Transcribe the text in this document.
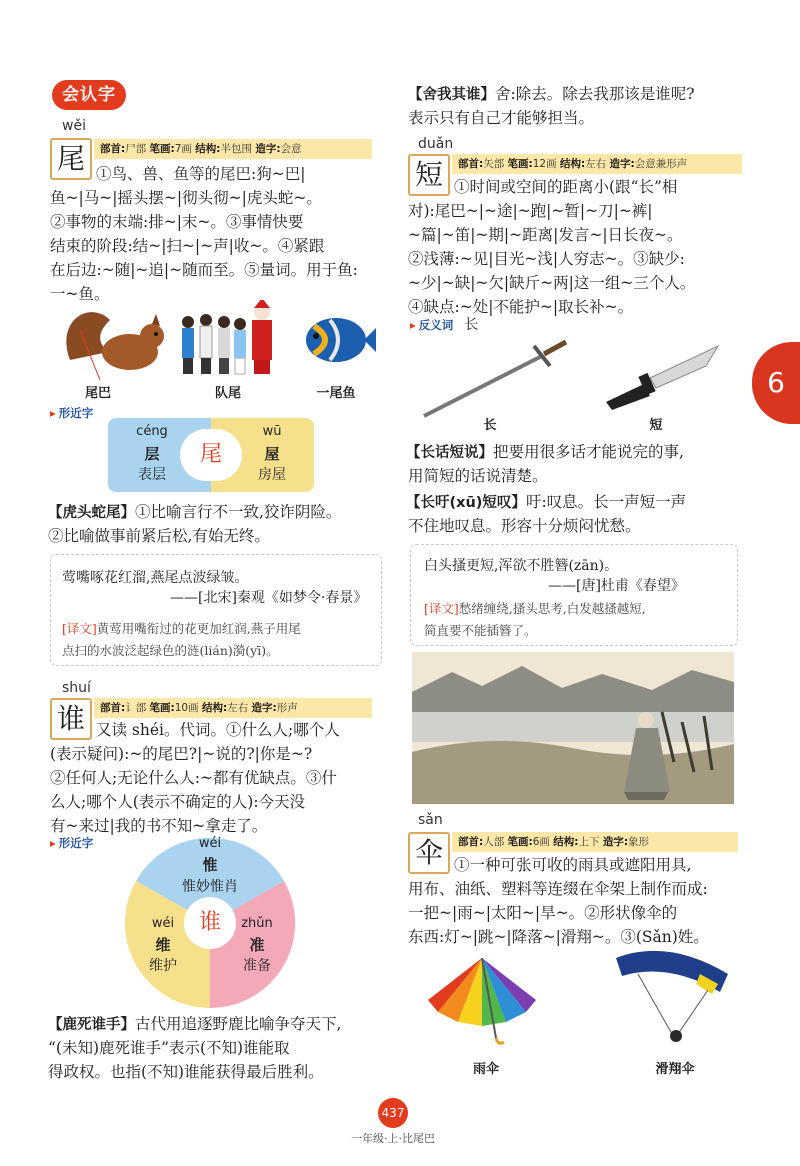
会认字
wěi
尾	部首:尸部 笔画:7画 结构:半包围 造字:会意
①鸟、兽、鱼等的尾巴:狗~巴|
鱼~|马~|摇头摆~|彻头彻~|虎头蛇~。
②事物的末端:排~|末~。③事情快要
结束的阶段:结~|扫~|~声|收~。④紧跟
在后边:~随|~追|~随而至。⑤量词。用于鱼:
一~鱼。
尾巴	队尾	一尾鱼
▸ 形近字
尾
céng
层
表层
wū
屋
房屋
【虎头蛇尾】①比喻言行不一致,狡诈阴险。
②比喻做事前紧后松,有始无终。
莺嘴啄花红溜,燕尾点波绿皱。
——[北宋]秦观《如梦令·春景》
[译文]黄莺用嘴衔过的花更加红润,燕子用尾
点扫的水波泛起绿色的涟(lián)漪(yī)。
shuí
谁	部首:讠部 笔画:10画 结构:左右 造字:形声
又读 shéi。代词。①什么人;哪个人
(表示疑问):~的尾巴?|~说的?|你是~?
②任何人;无论什么人:~都有优缺点。③什
么人;哪个人(表示不确定的人):今天没
有~来过|我的书不知~拿走了。
▸ 形近字
谁
wéi
惟
惟妙惟肖
wéi
维
维护
zhǔn
准
准备
【鹿死谁手】古代用追逐野鹿比喻争夺天下,
“(未知)鹿死谁手”表示(不知)谁能取
得政权。也指(不知)谁能获得最后胜利。
【舍我其谁】舍:除去。除去我那该是谁呢?
表示只有自己才能够担当。
duǎn
短	部首:矢部 笔画:12画 结构:左右 造字:会意兼形声
①时间或空间的距离小(跟“长”相
对):尾巴~|~途|~跑|~暂|~刀|~裤|
~篇|~笛|~期|~距离|发言~|日长夜~。
②浅薄:~见|目光~浅|人穷志~。③缺少:
~少|~缺|~欠|缺斤~两|这一组~三个人。
④缺点:~处|不能护~|取长补~。
▸ 反义词 长
长	短
【长话短说】把要用很多话才能说完的事,
用简短的话说清楚。
【长吁(xū)短叹】吁:叹息。长一声短一声
不住地叹息。形容十分烦闷忧愁。
白头搔更短,浑欲不胜簪(zān)。
——[唐]杜甫《春望》
[译文]愁绪缠绕,搔头思考,白发越搔越短,
简直要不能插簪了。
sǎn
伞	部首:人部 笔画:6画 结构:上下 造字:象形
①一种可张可收的雨具或遮阳用具,
用布、油纸、塑料等连缀在伞架上制作而成:
一把~|雨~|太阳~|旱~。②形状像伞的
东西:灯~|跳~|降落~|滑翔~。③(Sǎn)姓。
雨伞	滑翔伞
6
437
一年级·上·比尾巴
